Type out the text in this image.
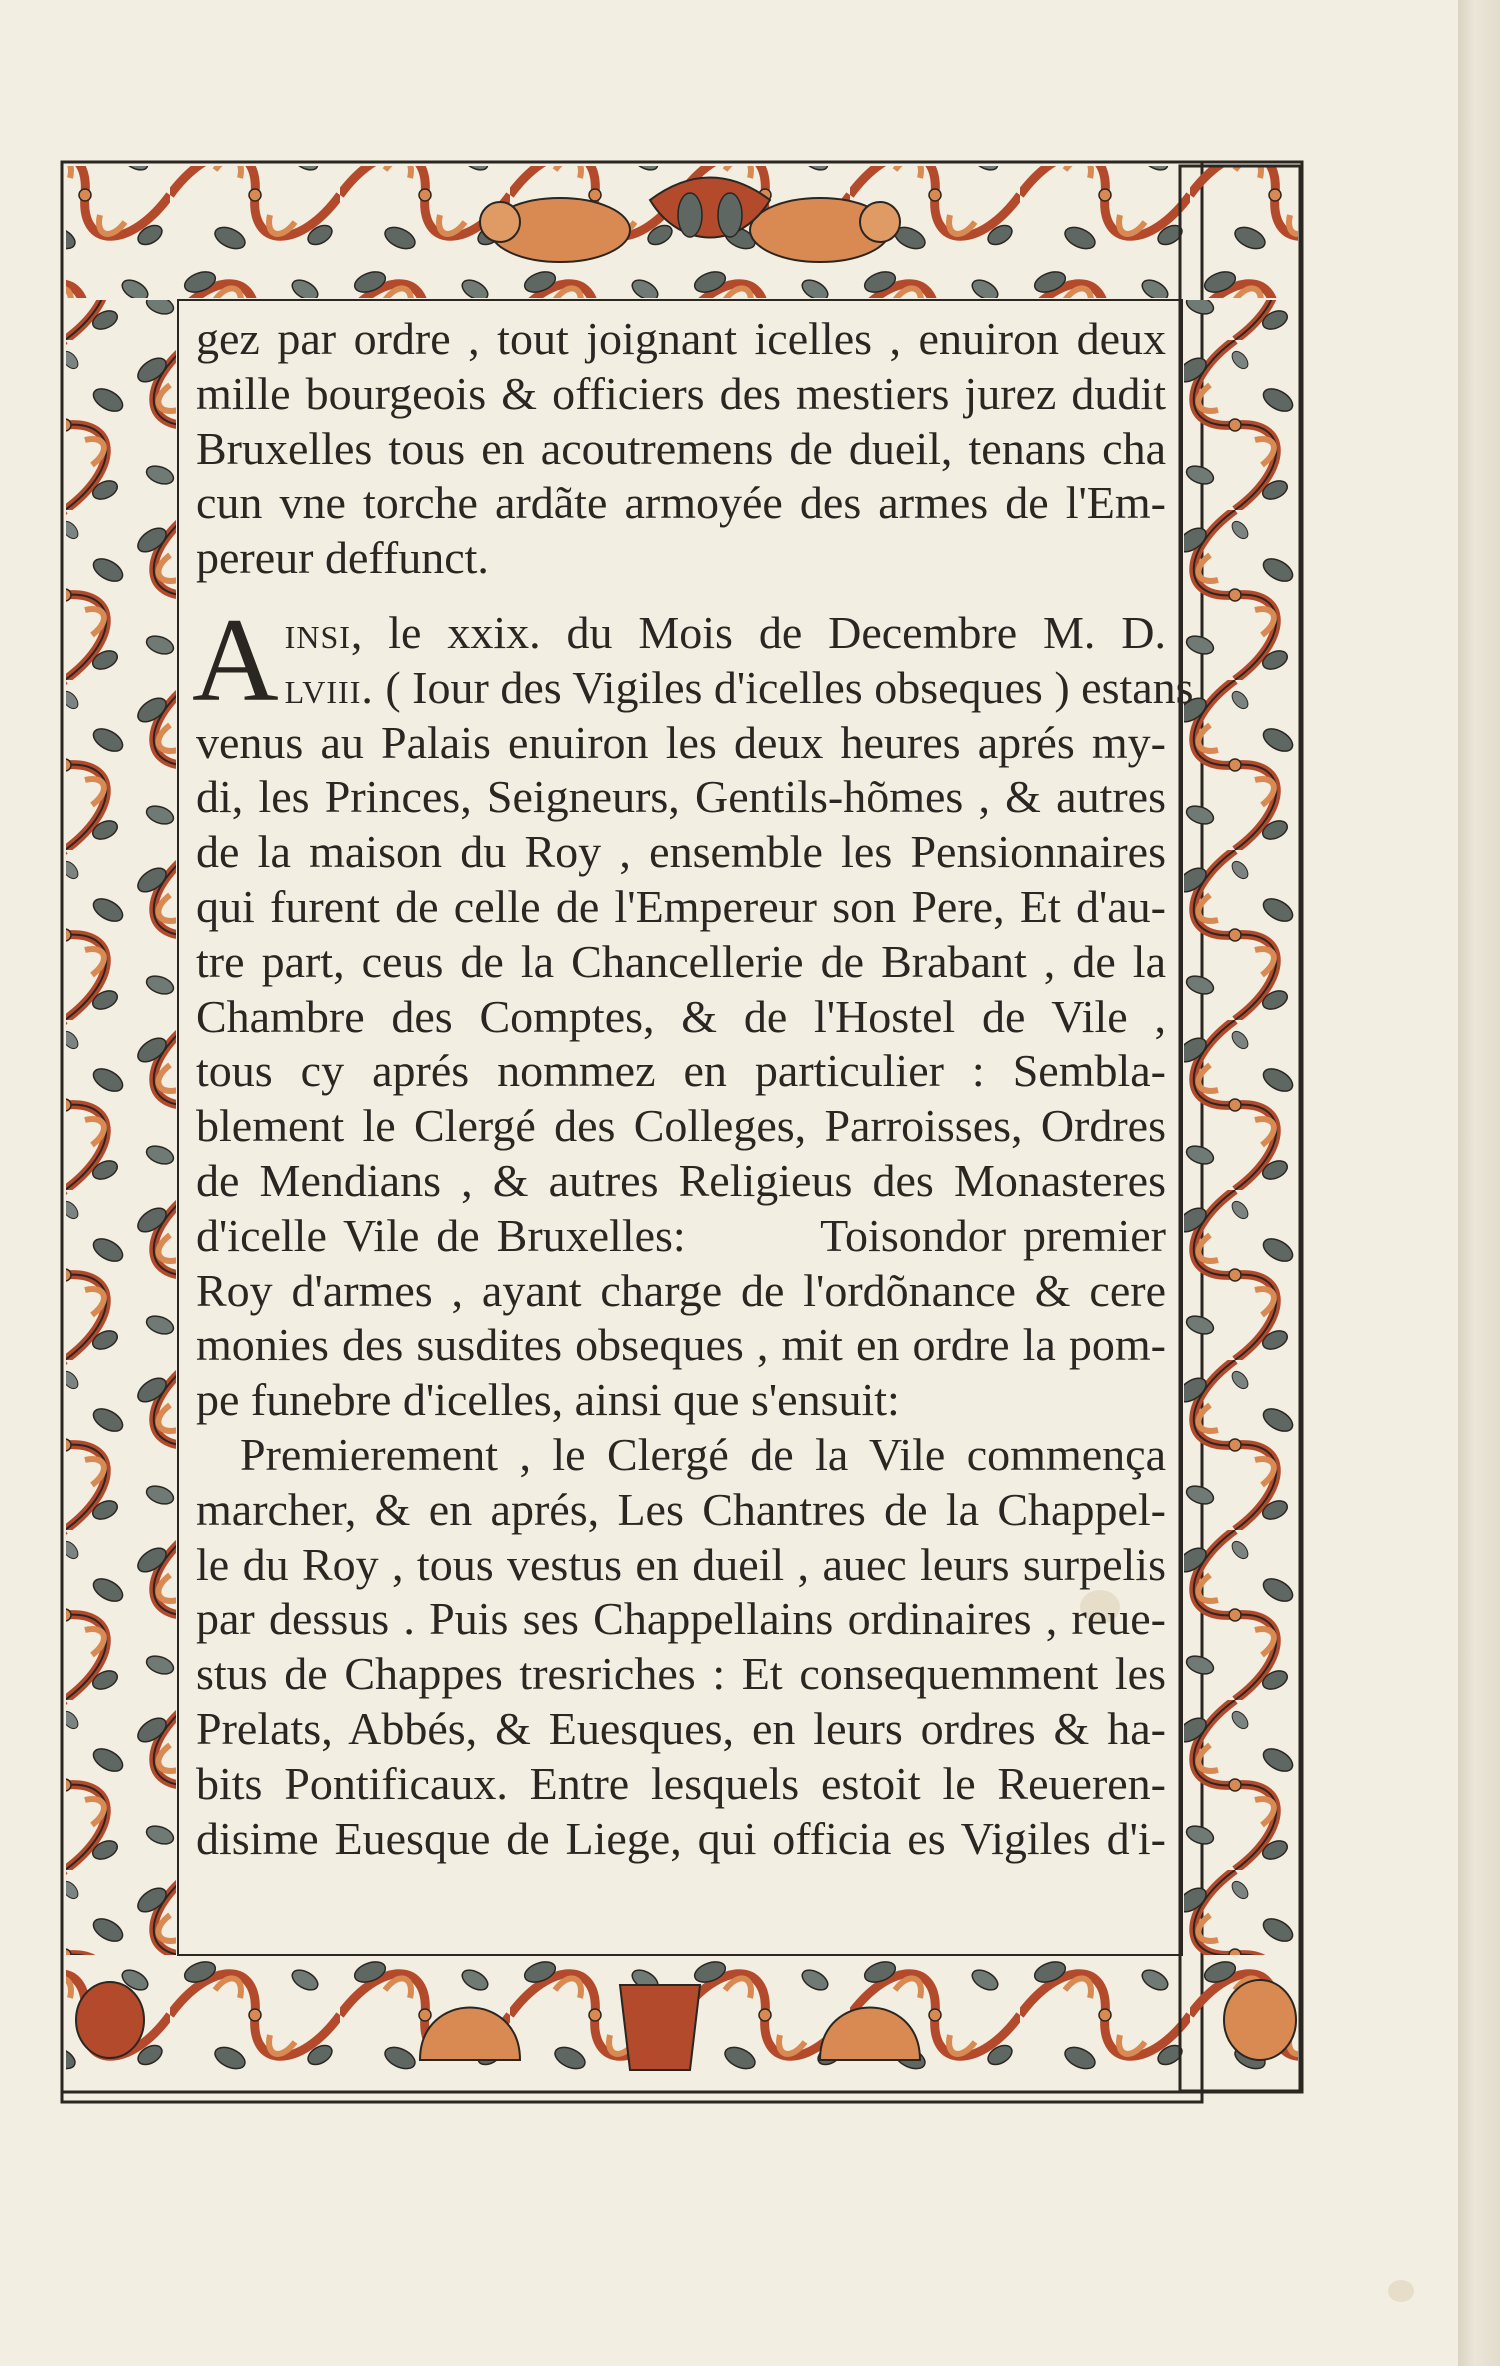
gez par ordre , tout joignant icelles , enuiron deux
mille bourgeois & officiers des mestiers jurez dudit
Bruxelles tous en acoutremens de dueil, tenans cha
cun vne torche ardãte armoyée des armes de l'Em-
pereur deffunct.
A insi, le xxix. du Mois de Decembre M. D.
lviii. ( Iour des Vigiles d'icelles obseques ) estans
venus au Palais enuiron les deux heures aprés my-
di, les Princes, Seigneurs, Gentils-hõmes , & autres
de la maison du Roy , ensemble les Pensionnaires
qui furent de celle de l'Empereur son Pere, Et d'au-
tre part, ceus de la Chancellerie de Brabant , de la
Chambre des Comptes, & de l'Hostel de Vile ,
tous cy aprés nommez en particulier : Sembla-
blement le Clergé des Colleges, Parroisses, Ordres
de Mendians , & autres Religieus des Monasteres
d'icelle Vile de Bruxelles:        Toisondor premier
Roy d'armes , ayant charge de l'ordõnance & cere
monies des susdites obseques , mit en ordre la pom-
pe funebre d'icelles, ainsi que s'ensuit:
Premierement , le Clergé de la Vile commença
marcher, & en aprés, Les Chantres de la Chappel-
le du Roy , tous vestus en dueil , auec leurs surpelis
par dessus . Puis ses Chappellains ordinaires , reue-
stus de Chappes tresriches : Et consequemment les
Prelats, Abbés, & Euesques, en leurs ordres & ha-
bits Pontificaux. Entre lesquels estoit le Reueren-
disime Euesque de Liege, qui officia es Vigiles d'i-
